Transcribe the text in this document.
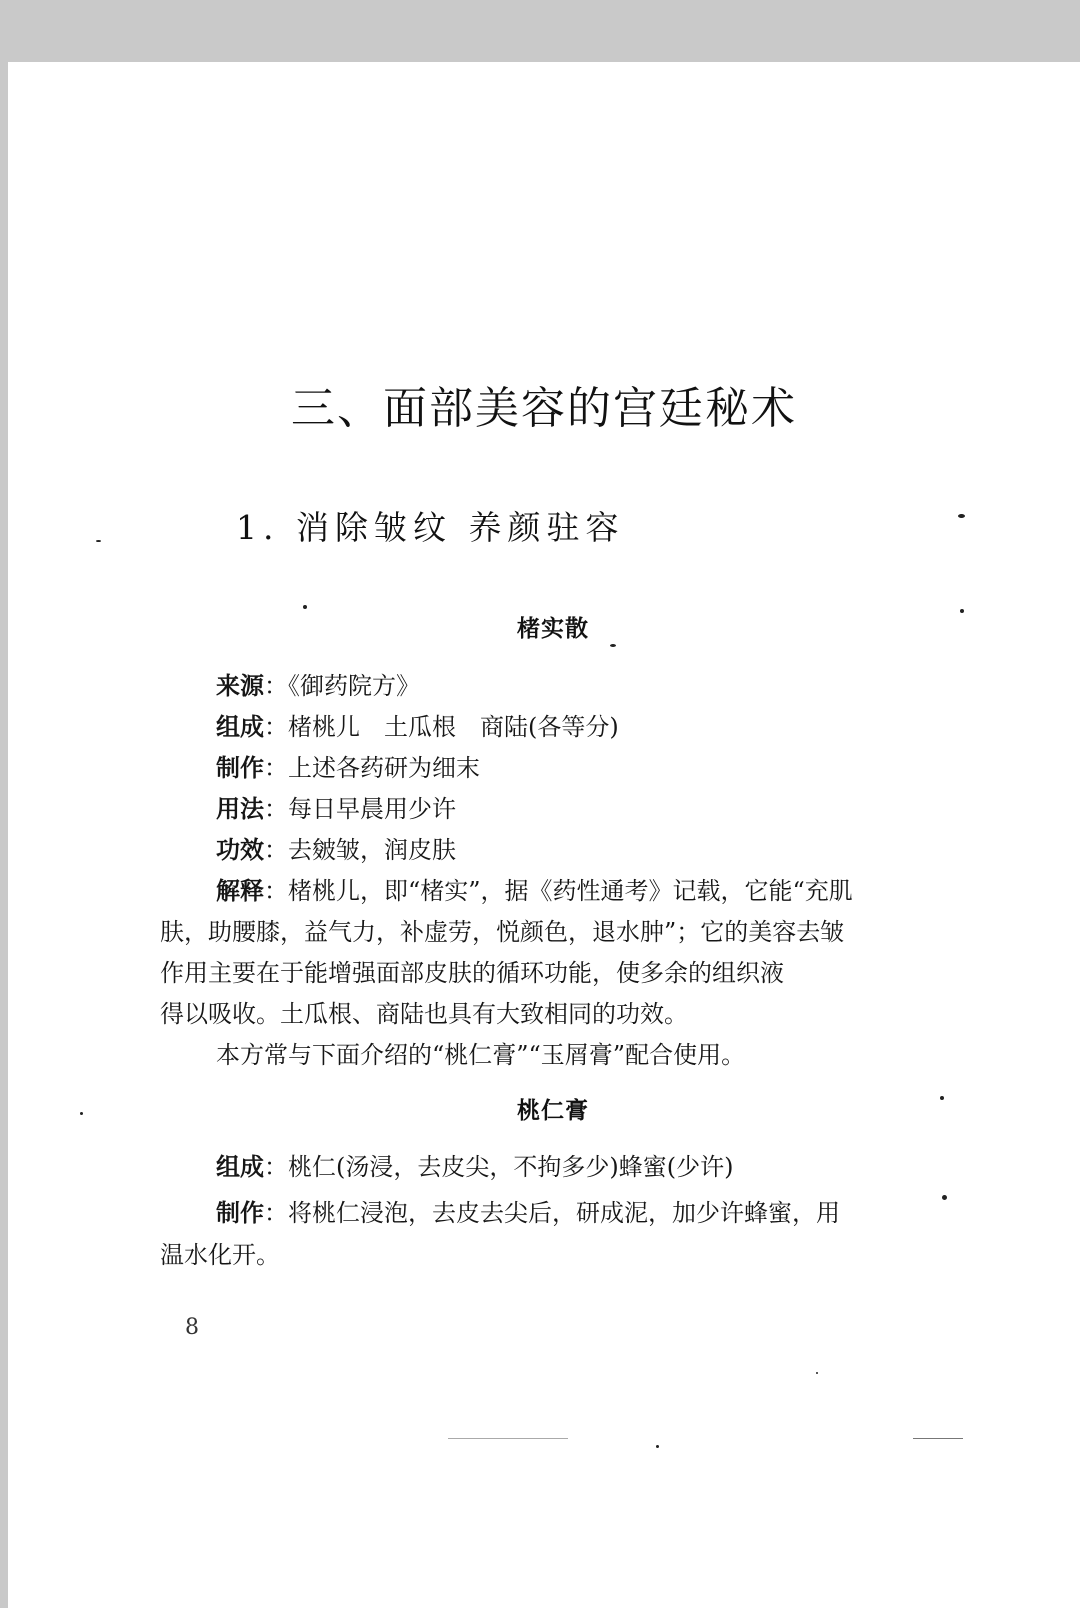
三、面部美容的宫廷秘术
1. 消除皱纹 养颜驻容
楮实散
来源：《御药院方》
组成：楮桃儿　土瓜根　商陆(各等分)
制作：上述各药研为细末
用法：每日早晨用少许
功效：去皴皱，润皮肤
解释：楮桃儿，即“楮实”，据《药性通考》记载，它能“充肌
肤，助腰膝，益气力，补虚劳，悦颜色，退水肿”；它的美容去皱
作用主要在于能增强面部皮肤的循环功能，使多余的组织液
得以吸收。土瓜根、商陆也具有大致相同的功效。
本方常与下面介绍的“桃仁膏”“玉屑膏”配合使用。
桃仁膏
组成：桃仁(汤浸，去皮尖，不拘多少)蜂蜜(少许)
制作：将桃仁浸泡，去皮去尖后，研成泥，加少许蜂蜜，用
温水化开。
8
